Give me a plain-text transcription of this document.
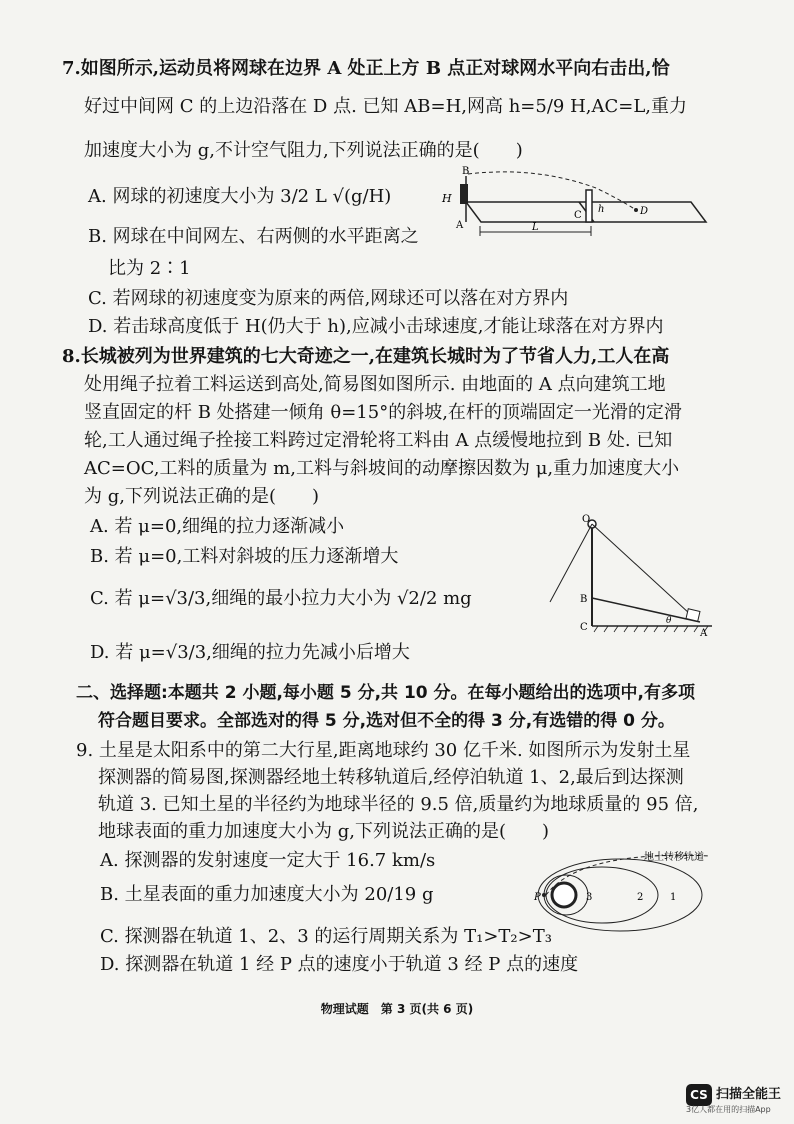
7.如图所示,运动员将网球在边界 A 处正上方 B 点正对球网水平向右击出,恰
好过中间网 C 的上边沿落在 D 点. 已知 AB=H,网高 h=5/9 H,AC=L,重力
加速度大小为 g,不计空气阻力,下列说法正确的是(　　)
A. 网球的初速度大小为 3/2 L √(g/H)
B. 网球在中间网左、右两侧的水平距离之
比为 2∶1
C. 若网球的初速度变为原来的两倍,网球还可以落在对方界内
D. 若击球高度低于 H(仍大于 h),应减小击球速度,才能让球落在对方界内
B
H
A
C
h	D
L
8.长城被列为世界建筑的七大奇迹之一,在建筑长城时为了节省人力,工人在高
处用绳子拉着工料运送到高处,简易图如图所示. 由地面的 A 点向建筑工地
竖直固定的杆 B 处搭建一倾角 θ=15°的斜坡,在杆的顶端固定一光滑的定滑
轮,工人通过绳子拴接工料跨过定滑轮将工料由 A 点缓慢地拉到 B 处. 已知
AC=OC,工料的质量为 m,工料与斜坡间的动摩擦因数为 μ,重力加速度大小
为 g,下列说法正确的是(　　)
A. 若 μ=0,细绳的拉力逐渐减小
B. 若 μ=0,工料对斜坡的压力逐渐增大
C. 若 μ=√3/3,细绳的最小拉力大小为 √2/2 mg
D. 若 μ=√3/3,细绳的拉力先减小后增大
O
B
C
A
θ
二、选择题:本题共 2 小题,每小题 5 分,共 10 分。在每小题给出的选项中,有多项
符合题目要求。全部选对的得 5 分,选对但不全的得 3 分,有选错的得 0 分。
9. 土星是太阳系中的第二大行星,距离地球约 30 亿千米. 如图所示为发射土星
探测器的简易图,探测器经地土转移轨道后,经停泊轨道 1、2,最后到达探测
轨道 3. 已知土星的半径约为地球半径的 9.5 倍,质量约为地球质量的 95 倍,
地球表面的重力加速度大小为 g,下列说法正确的是(　　)
A. 探测器的发射速度一定大于 16.7 km/s
B. 土星表面的重力加速度大小为 20/19 g
C. 探测器在轨道 1、2、3 的运行周期关系为 T₁>T₂>T₃
D. 探测器在轨道 1 经 P 点的速度小于轨道 3 经 P 点的速度
地土转移轨道
P	3	2	1
物理试题　第 3 页(共 6 页)
CS 扫描全能王
3亿人都在用的扫描App
